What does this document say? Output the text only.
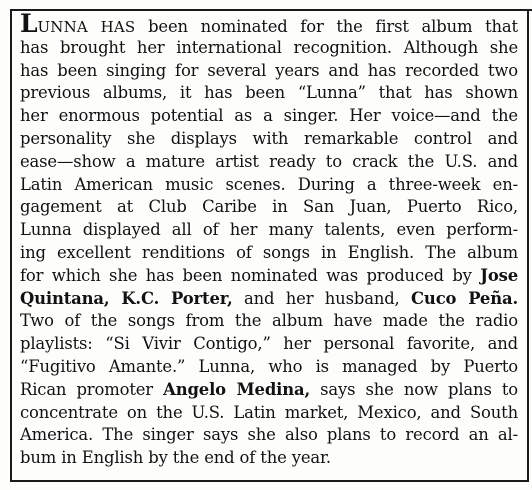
LUNNA HAS been nominated for the first album that
has brought her international recognition. Although she
has been singing for several years and has recorded two
previous albums, it has been “Lunna” that has shown
her enormous potential as a singer. Her voice—and the
personality she displays with remarkable control and
ease—show a mature artist ready to crack the U.S. and
Latin American music scenes. During a three-week en-
gagement at Club Caribe in San Juan, Puerto Rico,
Lunna displayed all of her many talents, even perform-
ing excellent renditions of songs in English. The album
for which she has been nominated was produced by Jose
Quintana, K.C. Porter, and her husband, Cuco Peña.
Two of the songs from the album have made the radio
playlists: “Si Vivir Contigo,” her personal favorite, and
“Fugitivo Amante.” Lunna, who is managed by Puerto
Rican promoter Angelo Medina, says she now plans to
concentrate on the U.S. Latin market, Mexico, and South
America. The singer says she also plans to record an al-
bum in English by the end of the year.
